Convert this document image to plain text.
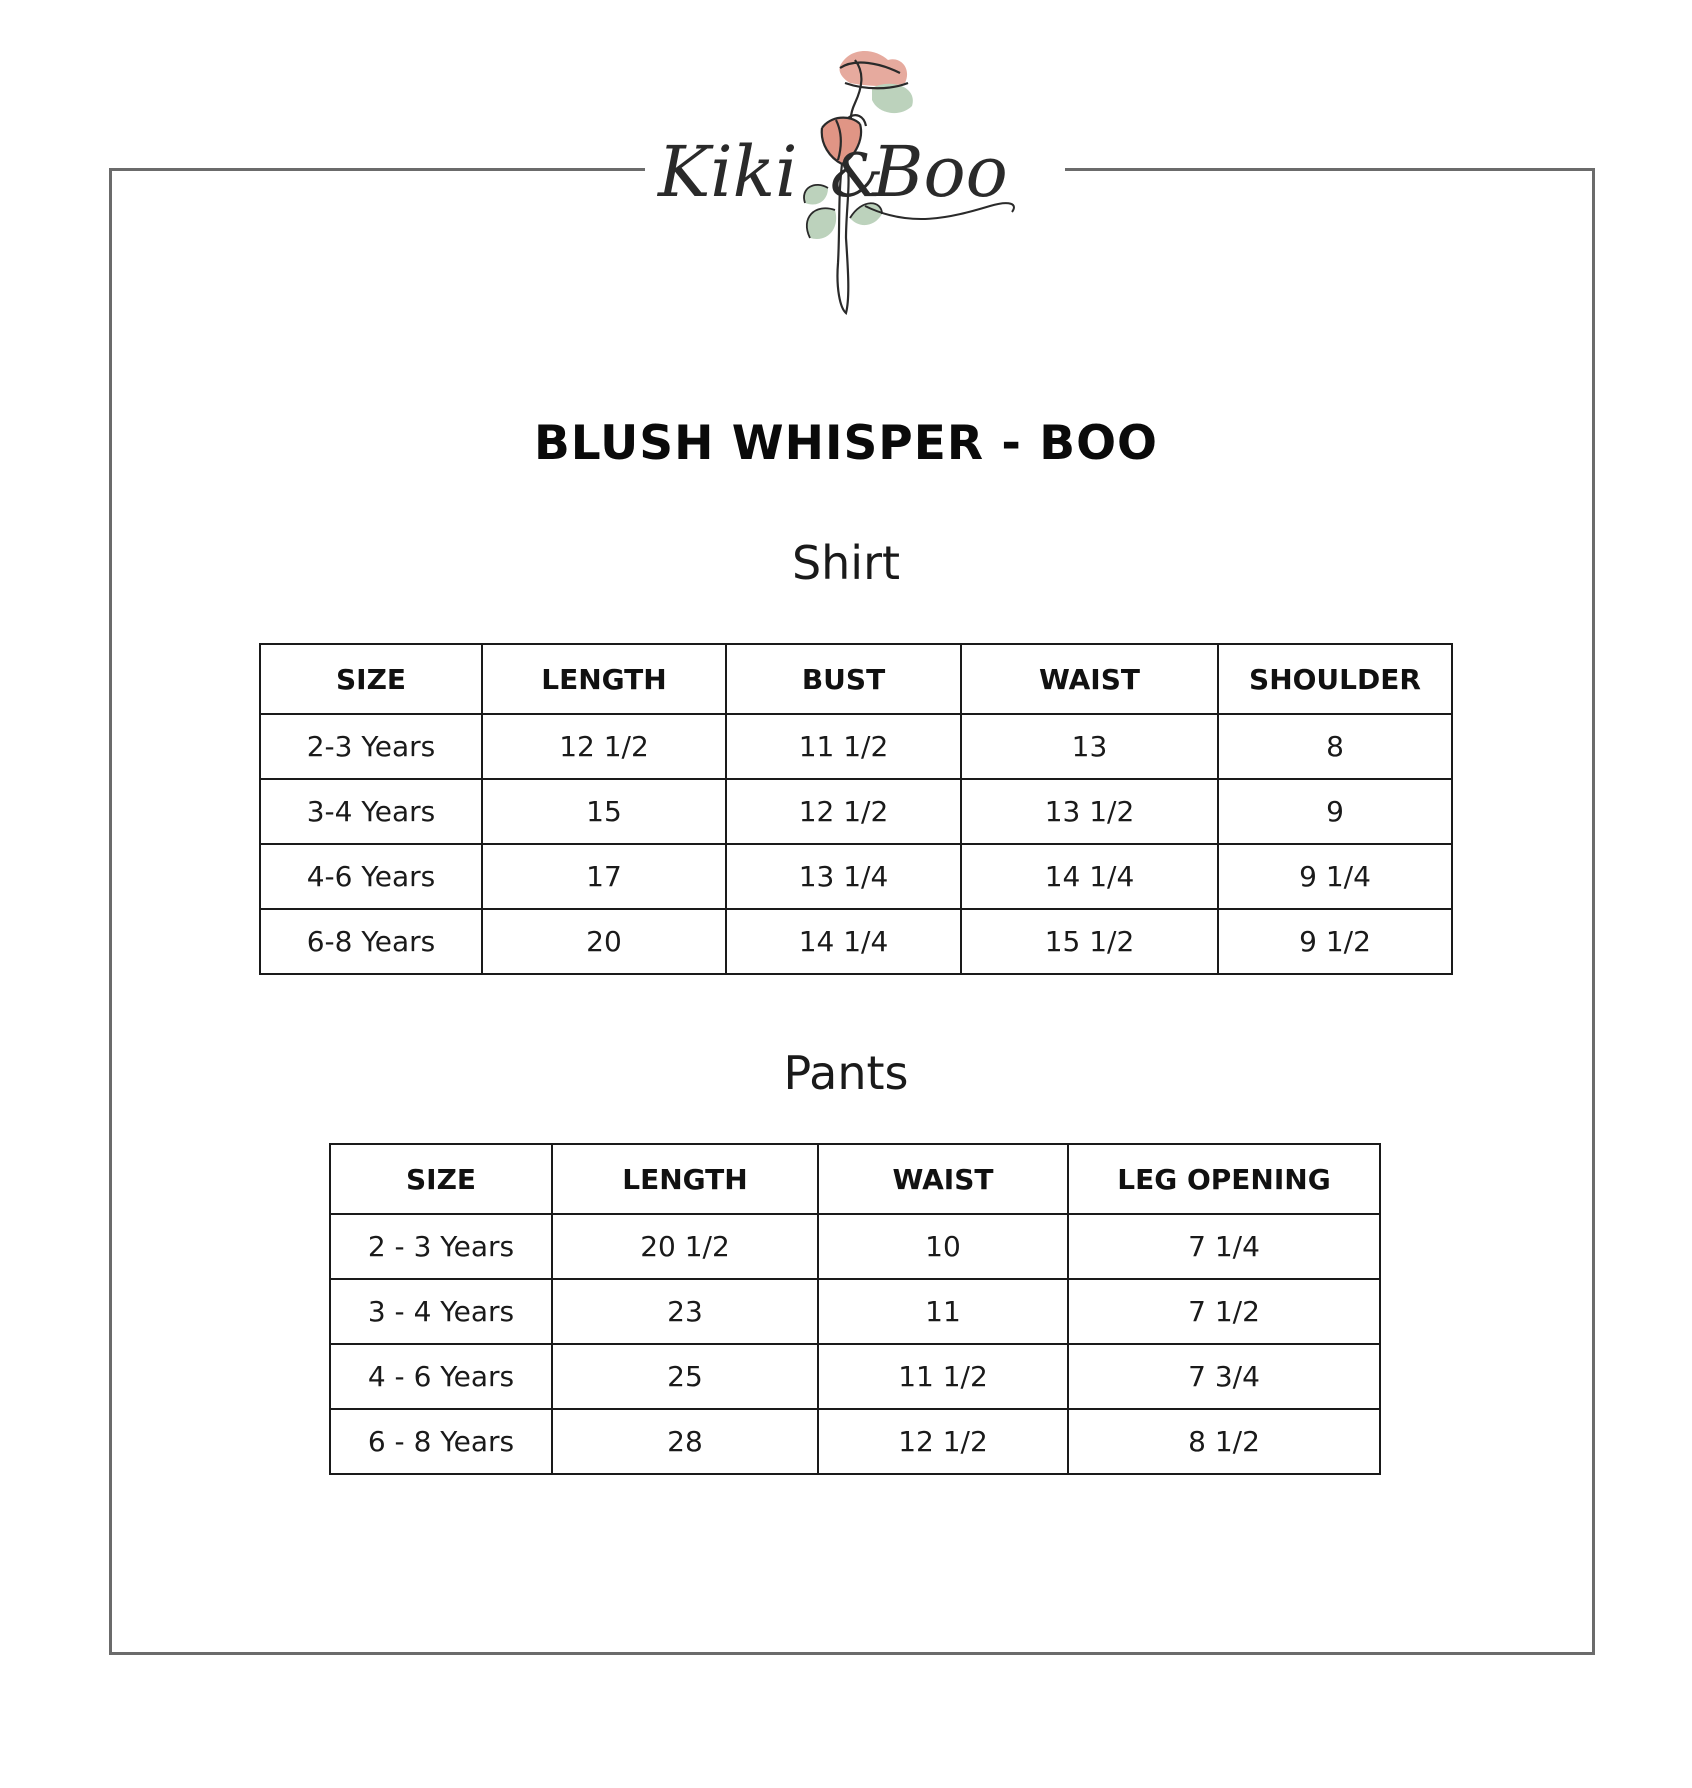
Kiki &
Boo
BLUSH WHISPER - BOO
Shirt
SIZE	LENGTH	BUST	WAIST	SHOULDER
2-3 Years	12 1/2	11 1/2	13	8
3-4 Years	15	12 1/2	13 1/2	9
4-6 Years	17	13 1/4	14 1/4	9 1/4
6-8 Years	20	14 1/4	15 1/2	9 1/2
Pants
SIZE	LENGTH	WAIST	LEG OPENING
2 - 3 Years	20 1/2	10	7 1/4
3 - 4 Years	23	11	7 1/2
4 - 6 Years	25	11 1/2	7 3/4
6 - 8 Years	28	12 1/2	8 1/2
